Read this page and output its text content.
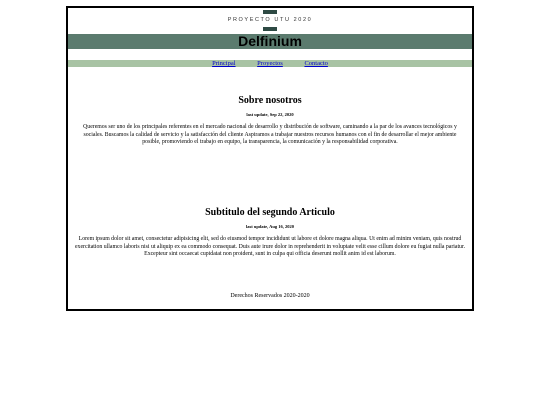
PROYECTO UTU 2020
Delfinium
Principal	Proyectos	Contacto
Sobre nosotros
last update, Sep 22, 2020

Queremos ser uno de los principales referentes en el mercado nacional de desarrollo y distribución de software, caminando a la par de los avances tecnológicos y sociales. Buscamos la calidad de servicio y la satisfacción del cliente Aspiramos a trabajar nuestros recursos humanos con el fin de desarrollar el mejor ambiente posible, promoviendo el trabajo en equipo, la transparencia, la comunicación y la responsabilidad corporativa.

Subtitulo del segundo Articulo
last update, Aug 16, 2020

Lorem ipsum dolor sit amet, consectetur adipisicing elit, sed do eiusmod tempor incididunt ut labore et dolore magna aliqua. Ut enim ad minim veniam, quis nostrud exercitation ullamco laboris nisi ut aliquip ex ea commodo consequat. Duis aute irure dolor in reprehenderit in voluptate velit esse cillum dolore eu fugiat nulla pariatur. Excepteur sint occaecat cupidatat non proident, sunt in culpa qui officia deserunt mollit anim id est laborum.

Derechos Reservados 2020-2020
